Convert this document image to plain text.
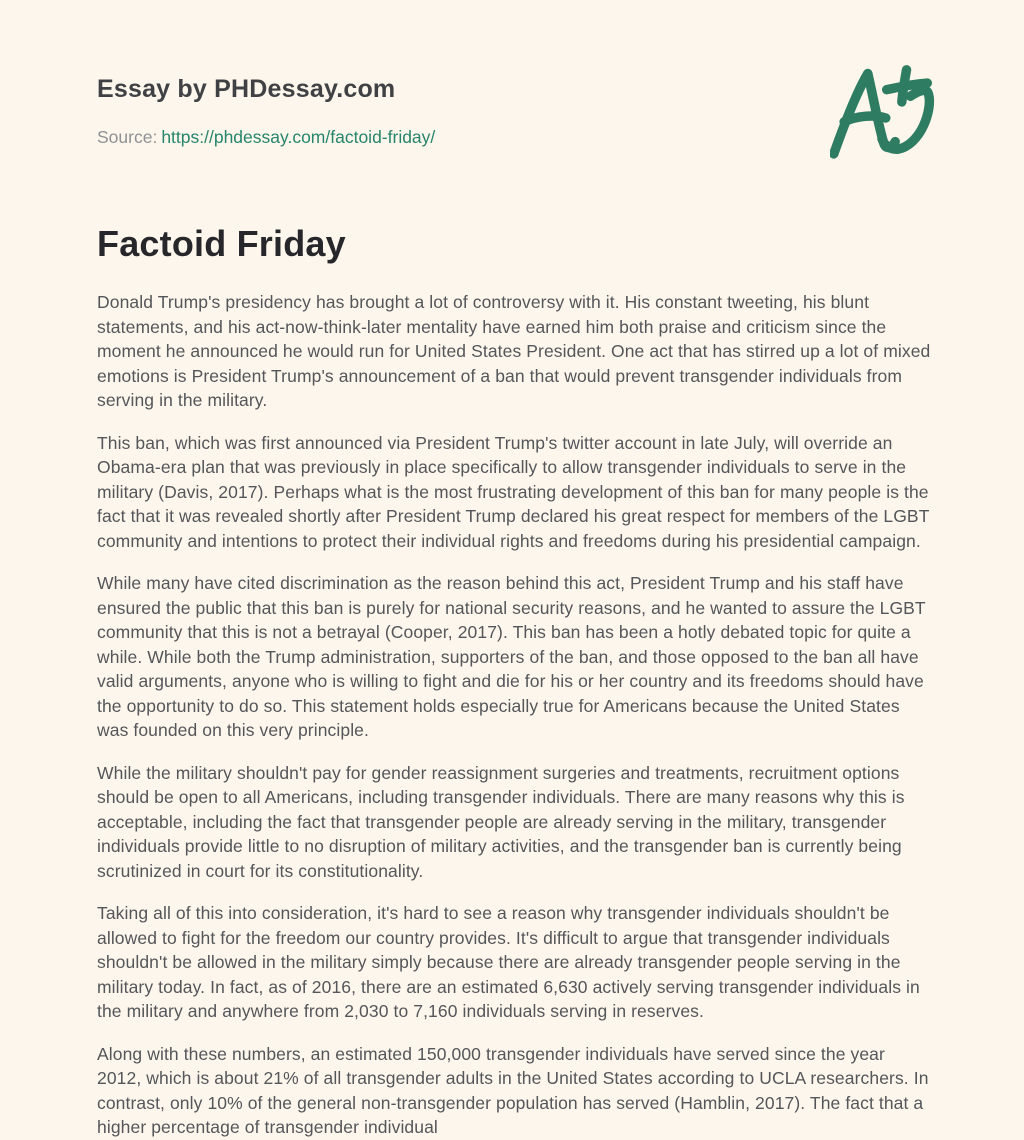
Essay by PHDessay.com
Source: https://phdessay.com/factoid-friday/
Factoid Friday

Donald Trump's presidency has brought a lot of controversy with it. His constant tweeting, his blunt statements, and his act-now-think-later mentality have earned him both praise and criticism since the moment he announced he would run for United States President. One act that has stirred up a lot of mixed emotions is President Trump's announcement of a ban that would prevent transgender individuals from serving in the military.

This ban, which was first announced via President Trump's twitter account in late July, will override an Obama-era plan that was previously in place specifically to allow transgender individuals to serve in the military (Davis, 2017). Perhaps what is the most frustrating development of this ban for many people is the fact that it was revealed shortly after President Trump declared his great respect for members of the LGBT community and intentions to protect their individual rights and freedoms during his presidential campaign.

While many have cited discrimination as the reason behind this act, President Trump and his staff have ensured the public that this ban is purely for national security reasons, and he wanted to assure the LGBT community that this is not a betrayal (Cooper, 2017). This ban has been a hotly debated topic for quite a while. While both the Trump administration, supporters of the ban, and those opposed to the ban all have valid arguments, anyone who is willing to fight and die for his or her country and its freedoms should have the opportunity to do so. This statement holds especially true for Americans because the United States was founded on this very principle.

While the military shouldn't pay for gender reassignment surgeries and treatments, recruitment options should be open to all Americans, including transgender individuals. There are many reasons why this is acceptable, including the fact that transgender people are already serving in the military, transgender individuals provide little to no disruption of military activities, and the transgender ban is currently being scrutinized in court for its constitutionality.

Taking all of this into consideration, it's hard to see a reason why transgender individuals shouldn't be allowed to fight for the freedom our country provides. It's difficult to argue that transgender individuals shouldn't be allowed in the military simply because there are already transgender people serving in the military today. In fact, as of 2016, there are an estimated 6,630 actively serving transgender individuals in the military and anywhere from 2,030 to 7,160 individuals serving in reserves.

Along with these numbers, an estimated 150,000 transgender individuals have served since the year 2012, which is about 21% of all transgender adults in the United States according to UCLA researchers. In contrast, only 10% of the general non-transgender population has served (Hamblin, 2017). The fact that a higher percentage of transgender individual
